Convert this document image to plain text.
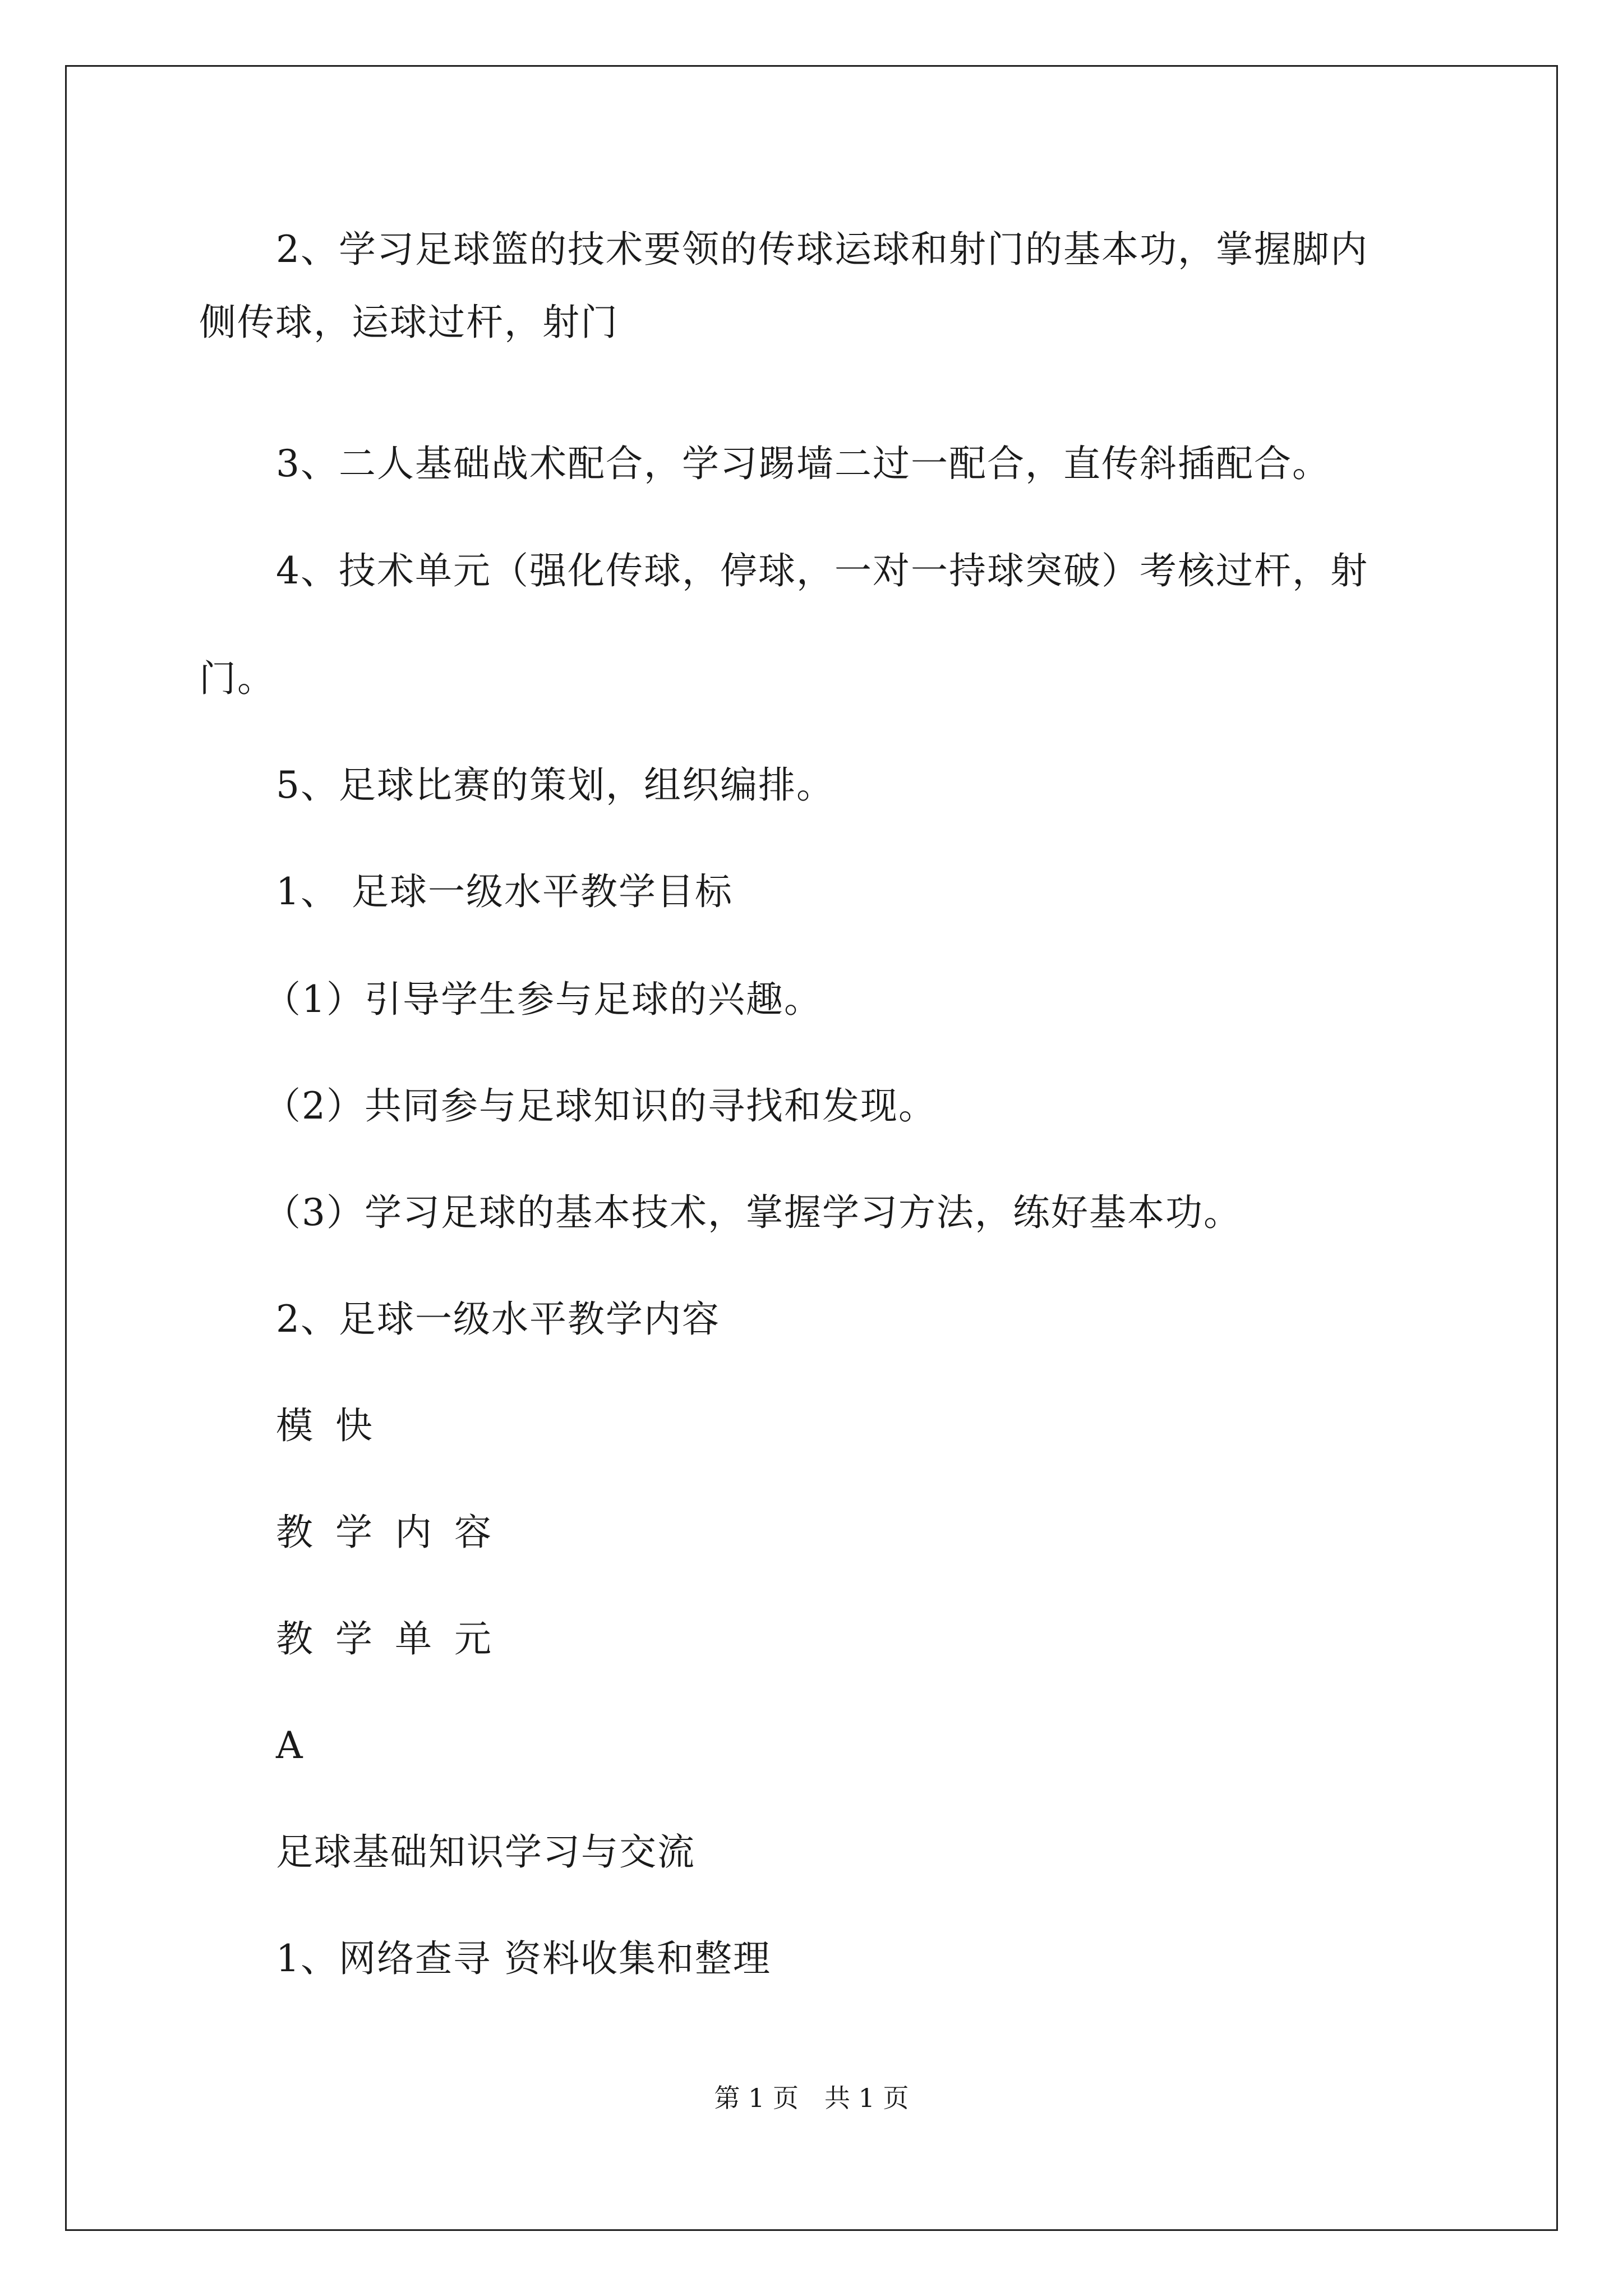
2、学习足球篮的技术要领的传球运球和射门的基本功，掌握脚内
侧传球，运球过杆，射门
3、二人基础战术配合，学习踢墙二过一配合，直传斜插配合。
4、技术单元（强化传球，停球，一对一持球突破）考核过杆，射
门。
5、足球比赛的策划，组织编排。
1、 足球一级水平教学目标
（1）引导学生参与足球的兴趣。
（2）共同参与足球知识的寻找和发现。
（3）学习足球的基本技术，掌握学习方法，练好基本功。
2、足球一级水平教学内容
模快
教学内容
教学单元
A
足球基础知识学习与交流
1、网络查寻 资料收集和整理
第 1 页　共 1 页
